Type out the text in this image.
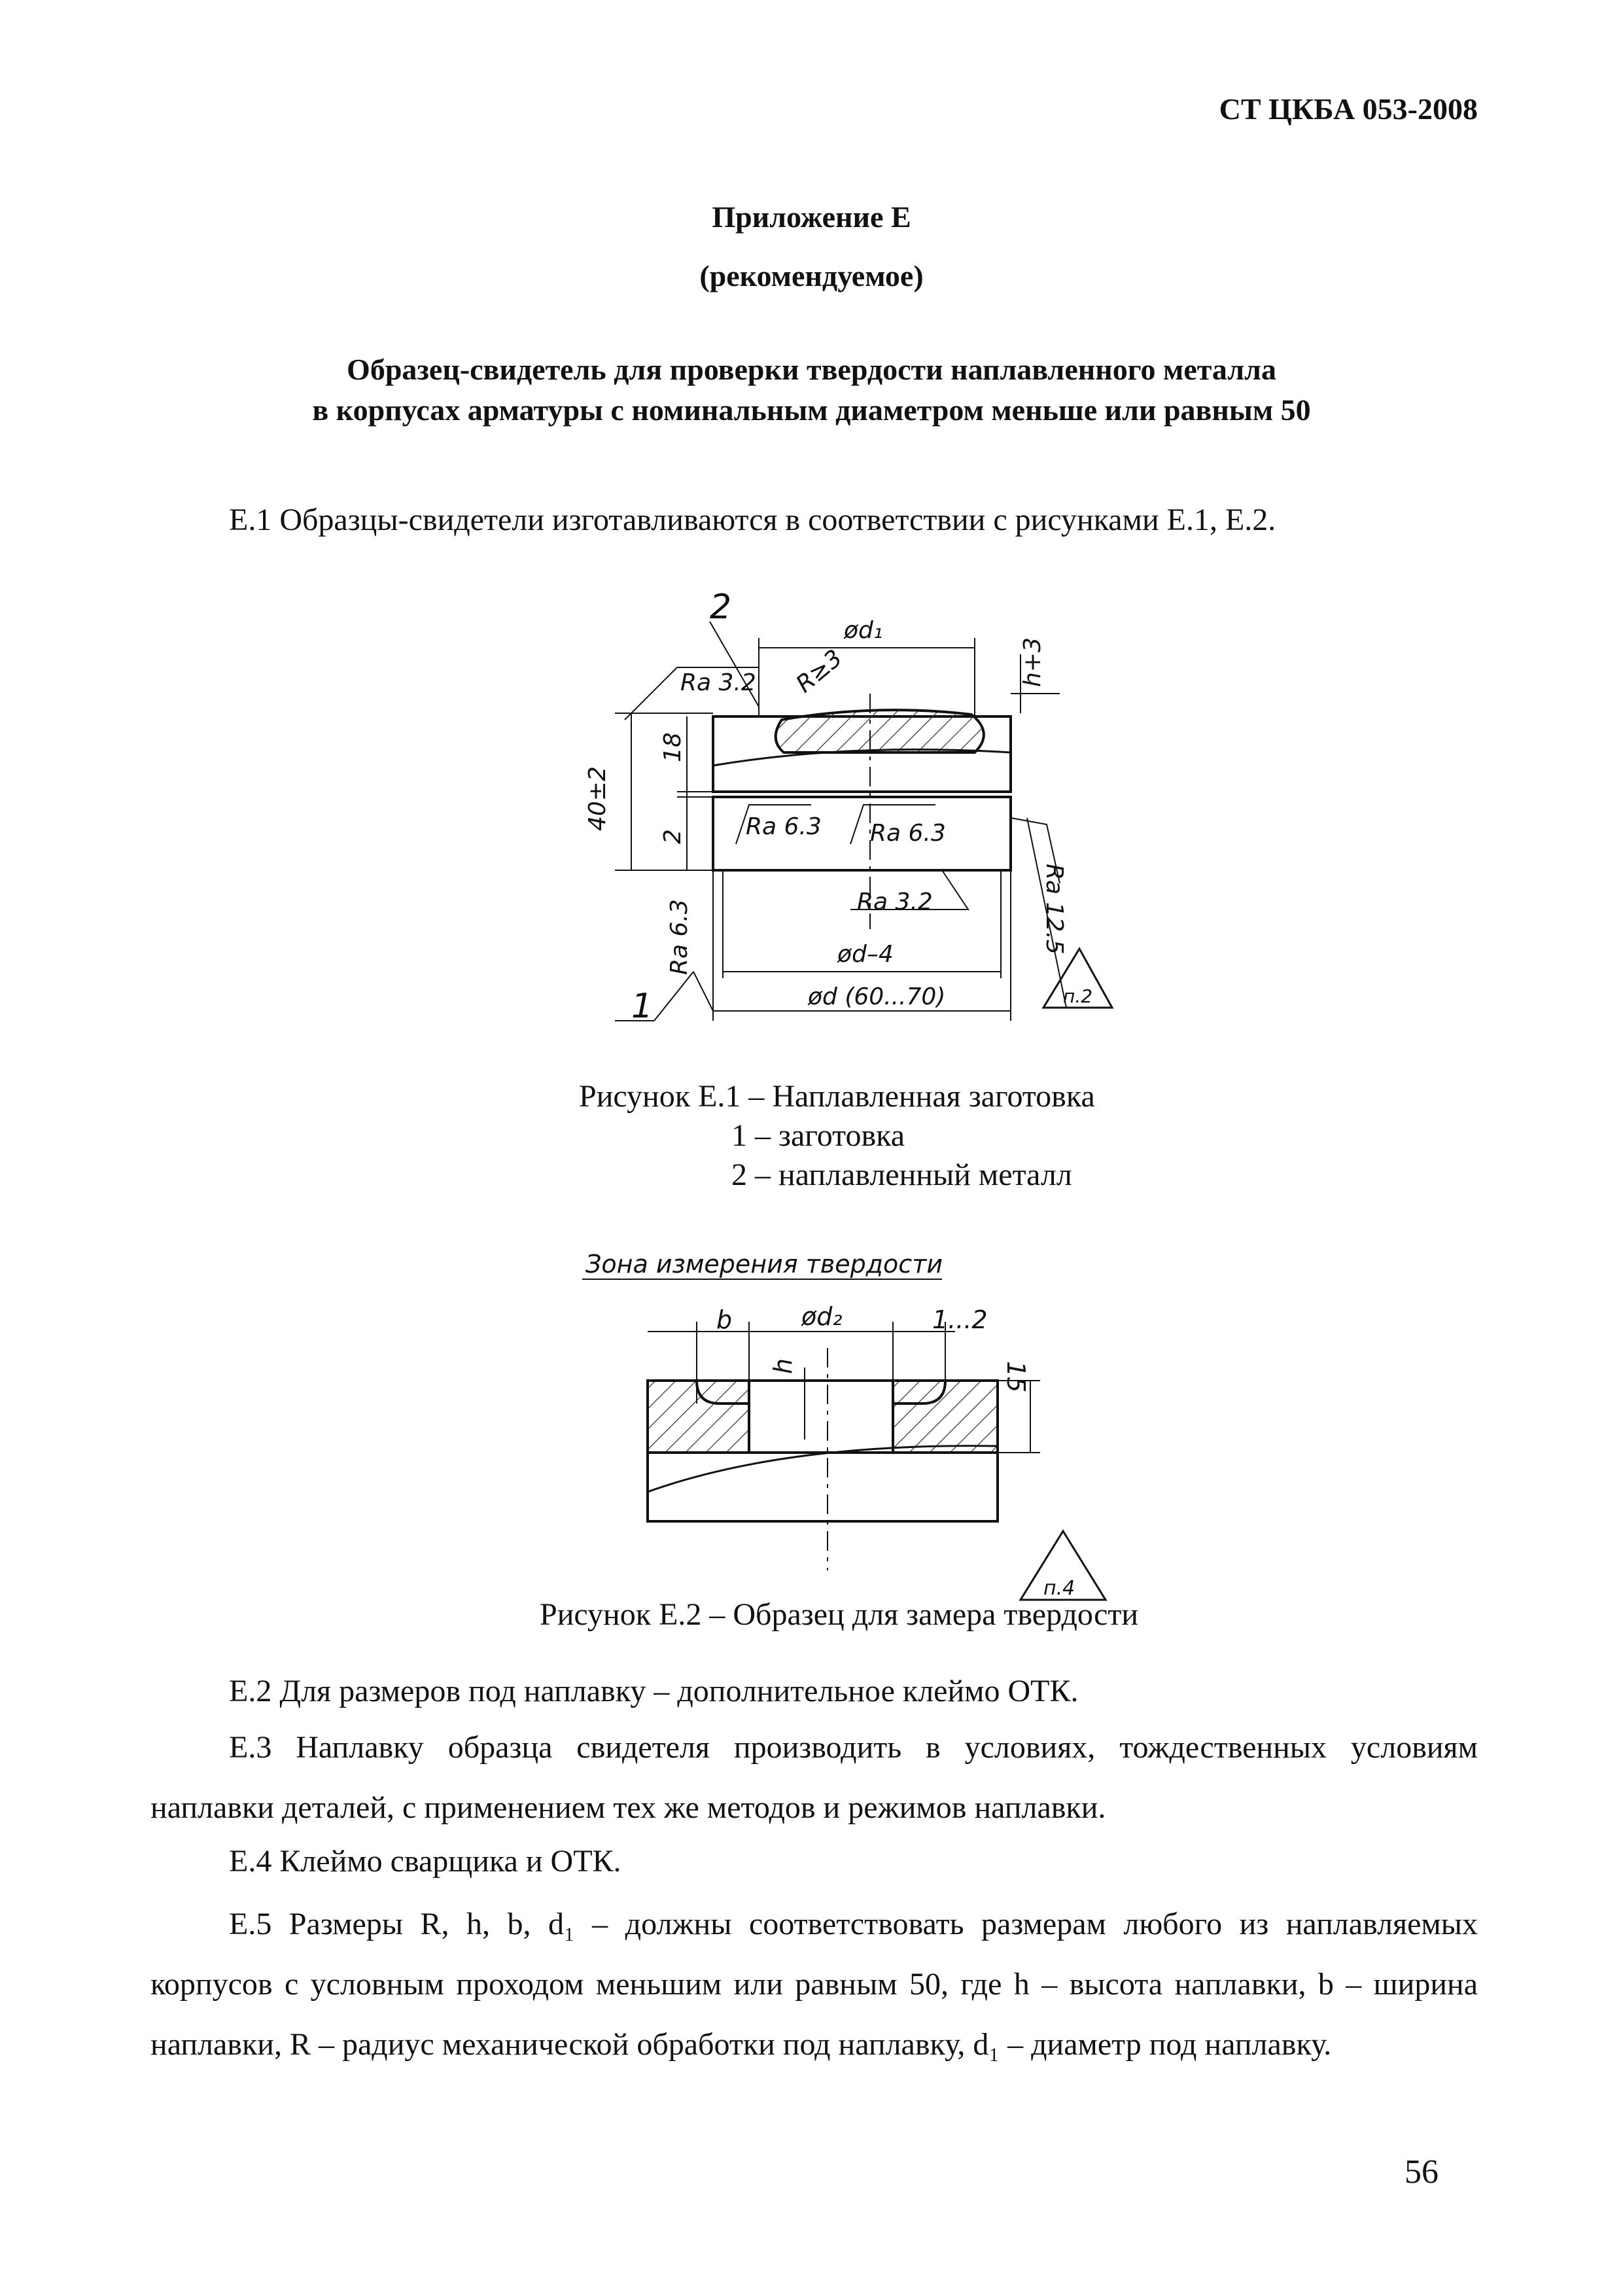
СТ ЦКБА 053-2008
Приложение Е
(рекомендуемое)
Образец-свидетель для проверки твердости наплавленного металла
в корпусах арматуры с номинальным диаметром меньше или равным 50
Е.1 Образцы-свидетели изготавливаются в соответствии с рисунками Е.1, Е.2.
2
ød₁
h+3
R≥3
Ra 3.2
18
40±2
2	Ra 6.3 Ra 6.3
Ra 12.5
Ra 3.2
Ra 6.3	ød–4
ød (60...70)
1	п.2
Рисунок Е.1 – Наплавленная заготовка
1 – заготовка
2 – наплавленный металл
Зона измерения твердости
b	ød₂	1...2
15
h
п.4
Рисунок Е.2 – Образец для замера твердости
Е.2 Для размеров под наплавку – дополнительное клеймо ОТК.
Е.3 Наплавку образца свидетеля производить в условиях, тождественных условиям наплавки деталей, с применением тех же методов и режимов наплавки.
Е.4 Клеймо сварщика и ОТК.
Е.5 Размеры R, h, b, d₁ – должны соответствовать размерам любого из наплавляемых корпусов с условным проходом меньшим или равным 50, где h – высота наплавки, b – ширина наплавки, R – радиус механической обработки под наплавку, d₁ – диаметр под наплавку.
56
